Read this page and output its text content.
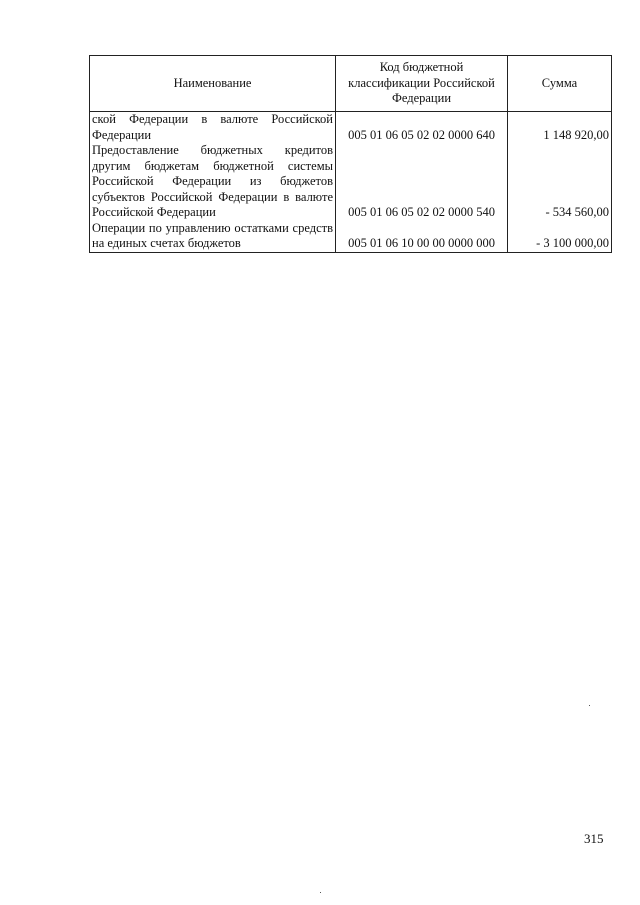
Наименование	Код бюджетной классификации Российской Федерации	Сумма
ской Федерации в валюте Российской Федерации	005 01 06 05 02 02 0000 640	1 148 920,00
Предоставление бюджетных кредитов другим бюджетам бюджетной системы Российской Федерации из бюджетов субъектов Российской Федерации в валюте Российской Федерации	005 01 06 05 02 02 0000 540	- 534 560,00
Операции по управлению остатками средств на единых счетах бюджетов	005 01 06 10 00 00 0000 000	- 3 100 000,00
315
